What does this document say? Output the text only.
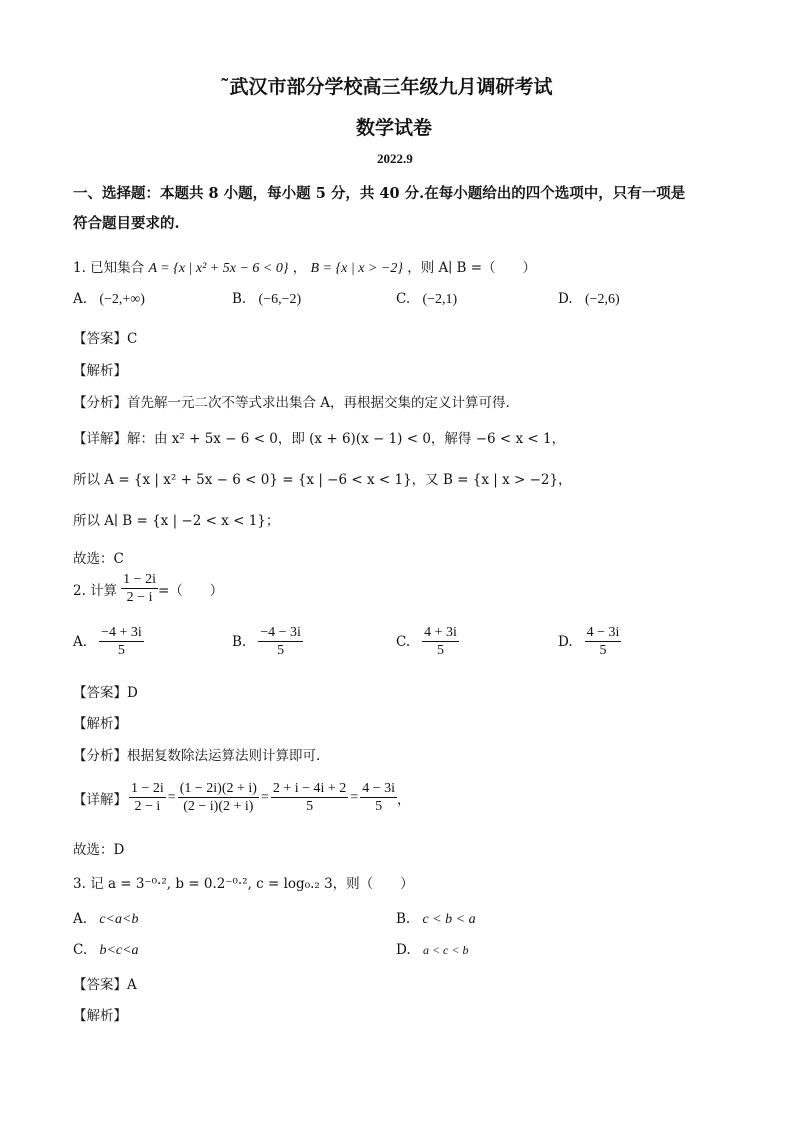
˜武汉市部分学校高三年级九月调研考试
数学试卷
2022.9
一、选择题：本题共 8 小题，每小题 5 分，共 40 分.在每小题给出的四个选项中，只有一项是
符合题目要求的.
1. 已知集合 A = {x | x² + 5x − 6 < 0} ， B = {x | x > −2} ，则 A∣ B =（　　）
A. (−2,+∞)	B. (−6,−2)	C. (−2,1)	D. (−2,6)
【答案】C
【解析】
【分析】首先解一元二次不等式求出集合 A，再根据交集的定义计算可得.
【详解】解：由 x² + 5x − 6 < 0，即 (x + 6)(x − 1) < 0，解得 −6 < x < 1，
所以 A = {x | x² + 5x − 6 < 0} = {x | −6 < x < 1}，又 B = {x | x > −2}，
所以 A∣ B = {x | −2 < x < 1}；
故选：C
2. 计算 $\frac{1 - 2i}{2 - i}$ =（　　）
A. $\frac{-4 + 3i}{5}$	B. $\frac{-4 - 3i}{5}$	C. $\frac{4 + 3i}{5}$	D. $\frac{4 - 3i}{5}$
【答案】D
【解析】
【分析】根据复数除法运算法则计算即可.
【详解】 $\frac{1 - 2i}{2 - i} = \frac{(1 - 2i)(2 + i)}{(2 - i)(2 + i)} = \frac{2 + i - 4i + 2}{5} = \frac{4 - 3i}{5}$ ，
故选：D
3. 记 a = 3⁻⁰·², b = 0.2⁻⁰·², c = log₀.₂ 3，则（　　）
A. c<a<b	B. c < b < a
C. b<c<a	D. a < c < b
【答案】A
【解析】
